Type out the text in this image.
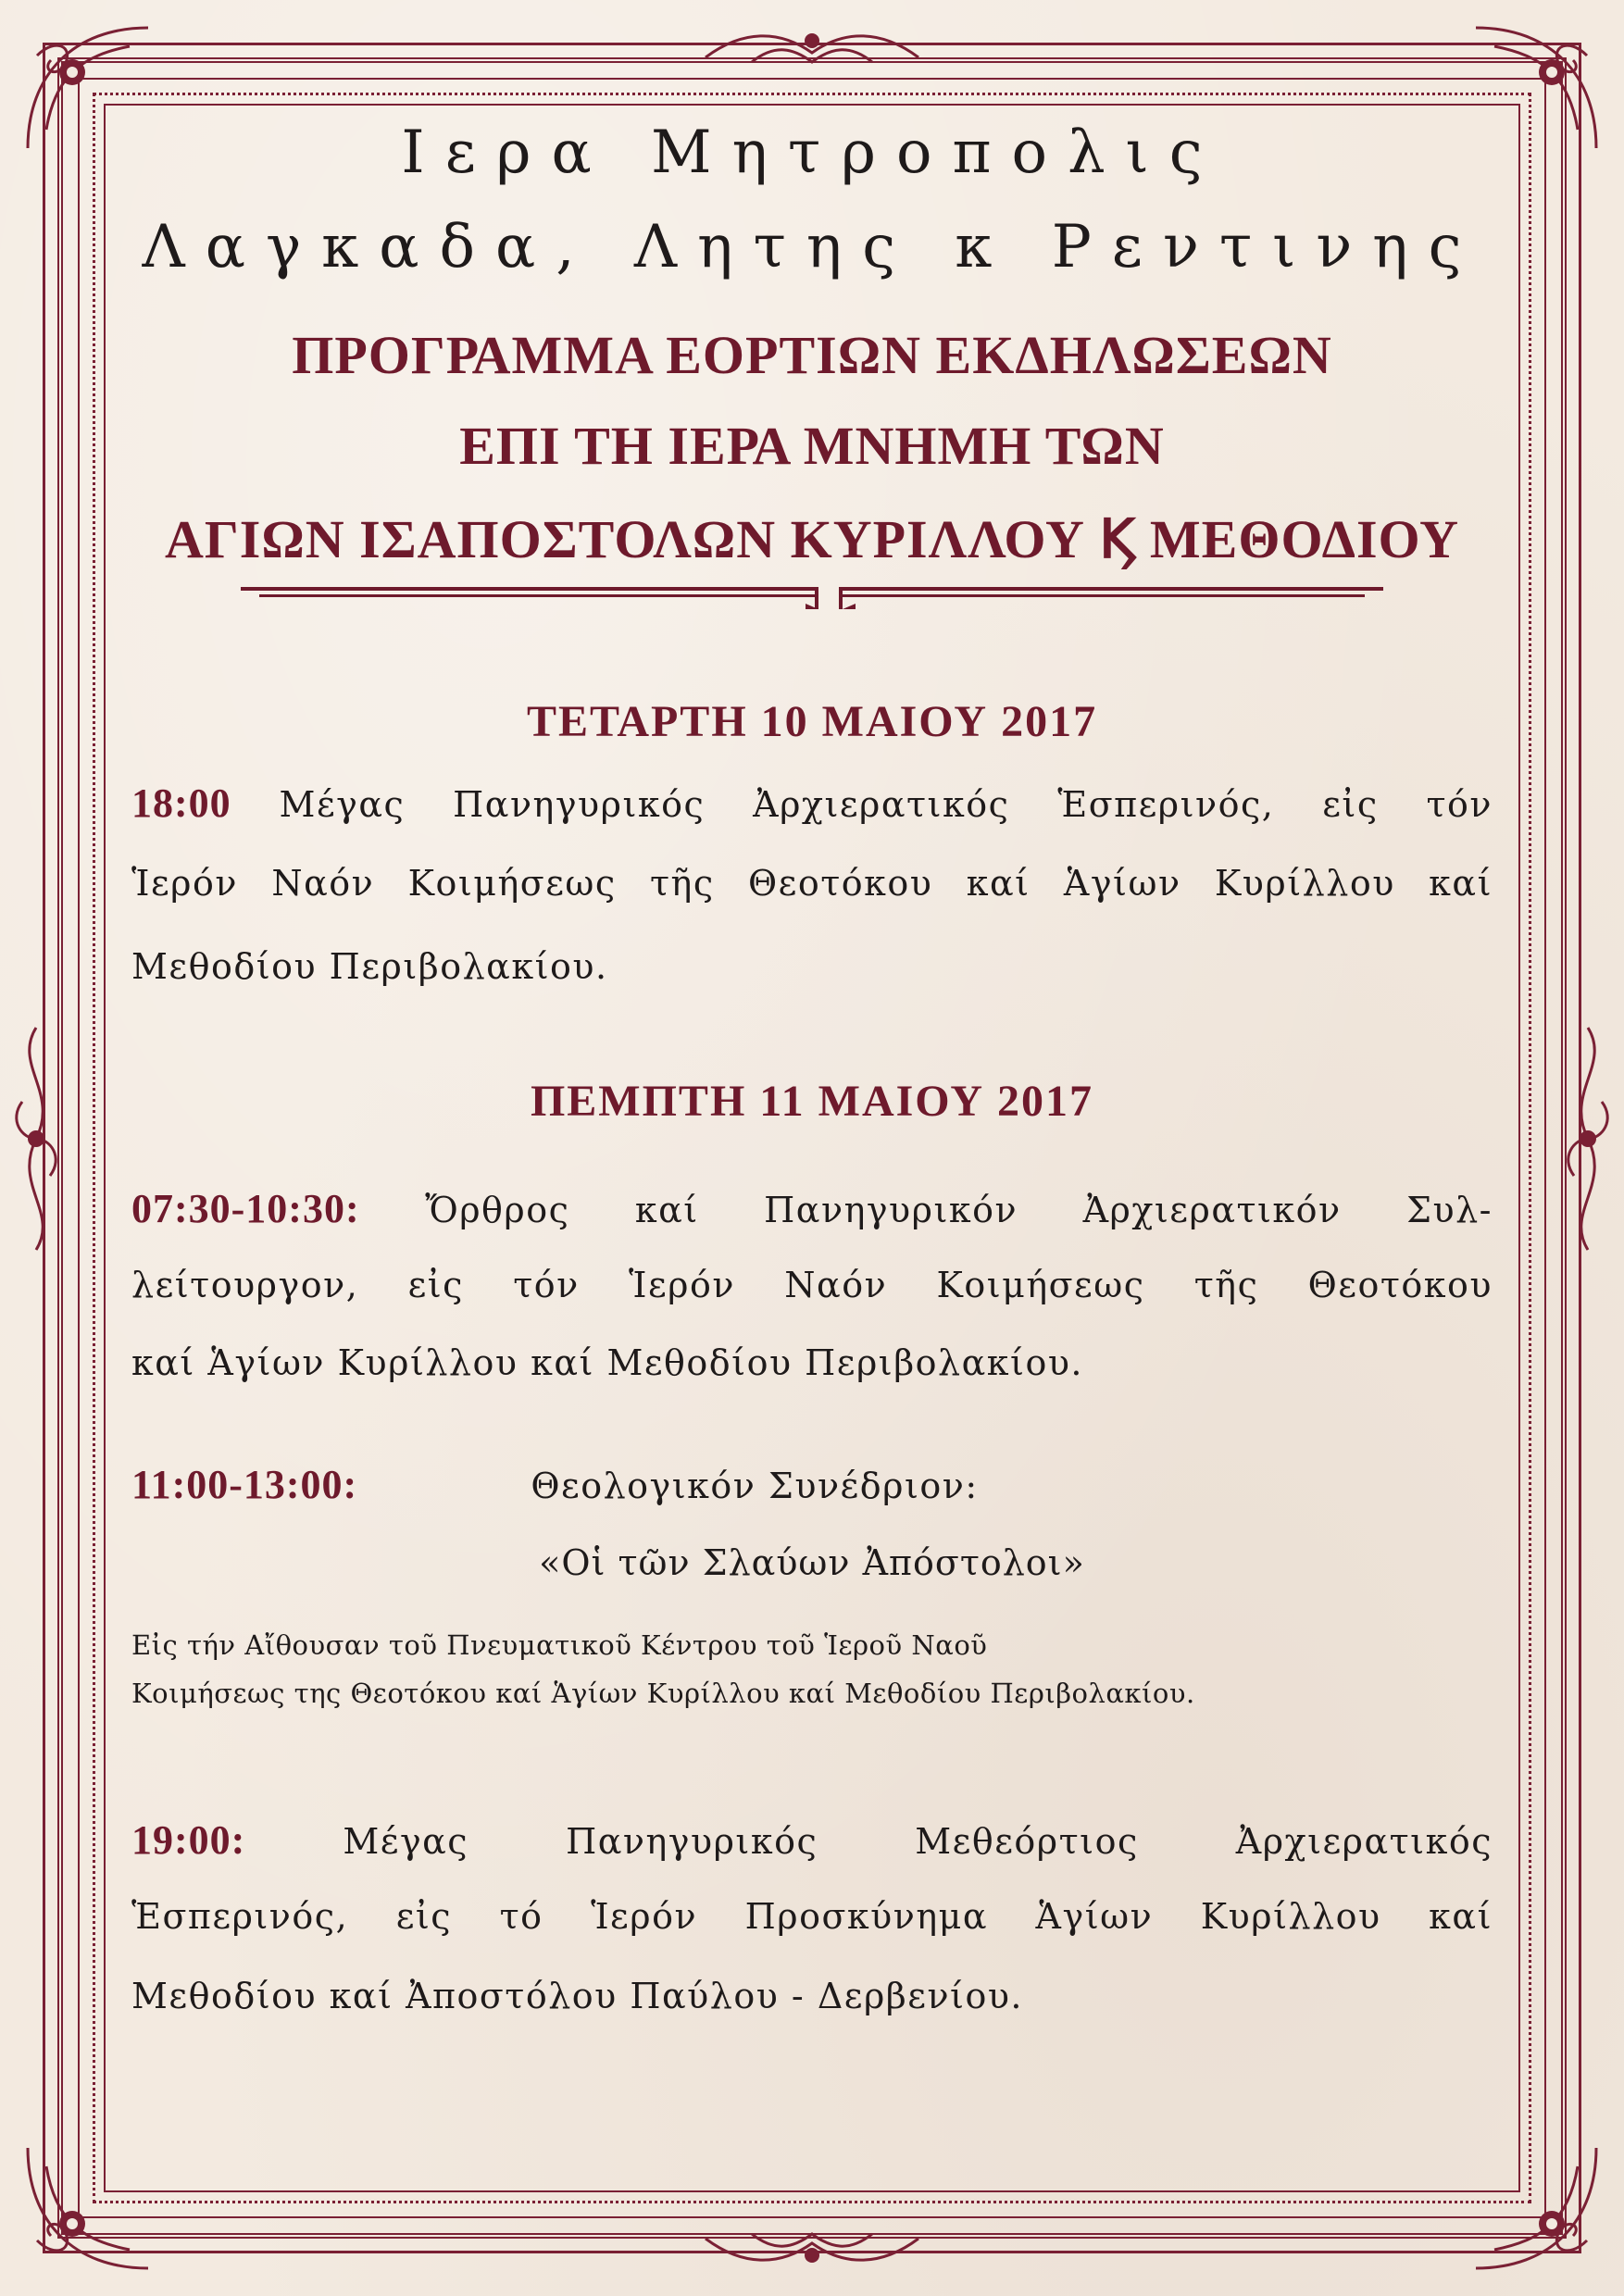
Ιερα Μητροπολις
Λαγκαδα, Λητης κ Ρεντινης
ΠΡΟΓΡΑΜΜΑ ΕΟΡΤΙΩΝ ΕΚΔΗΛΩΣΕΩΝ
ΕΠΙ ΤΗ ΙΕΡΑ ΜΝΗΜΗ ΤΩΝ
ΑΓΙΩΝ ΙΣΑΠΟΣΤΟΛΩΝ ΚΥΡΙΛΛΟΥ Ϗ ΜΕΘΟΔΙΟΥ
ΤΕΤΑΡΤΗ 10 ΜΑΙΟΥ 2017
18:00 Μέγας Πανηγυρικός Ἀρχιερατικός Ἑσπερινός, εἰς τόν
Ἱερόν Ναόν Κοιμήσεως τῆς Θεοτόκου καί Ἁγίων Κυρίλλου καί
Μεθοδίου Περιβολακίου.
ΠΕΜΠΤΗ 11 ΜΑΙΟΥ 2017
07:30-10:30: Ὄρθρος καί Πανηγυρικόν Ἀρχιερατικόν Συλ-
λείτουργον, εἰς τόν Ἱερόν Ναόν Κοιμήσεως τῆς Θεοτόκου
καί Ἁγίων Κυρίλλου καί Μεθοδίου Περιβολακίου.
11:00-13:00:	Θεολογικόν Συνέδριον:
«Οἱ τῶν Σλαύων Ἀπόστολοι»
Εἰς τήν Αἴθουσαν τοῦ Πνευματικοῦ Κέντρου τοῦ Ἱεροῦ Ναοῦ
Κοιμήσεως της Θεοτόκου καί Ἁγίων Κυρίλλου καί Μεθοδίου Περιβολακίου.
19:00:	Μέγας Πανηγυρικός Μεθεόρτιος Ἀρχιερατικός
Ἑσπερινός, εἰς τό Ἱερόν Προσκύνημα Ἁγίων Κυρίλλου καί
Μεθοδίου καί Ἀποστόλου Παύλου - Δερβενίου.
